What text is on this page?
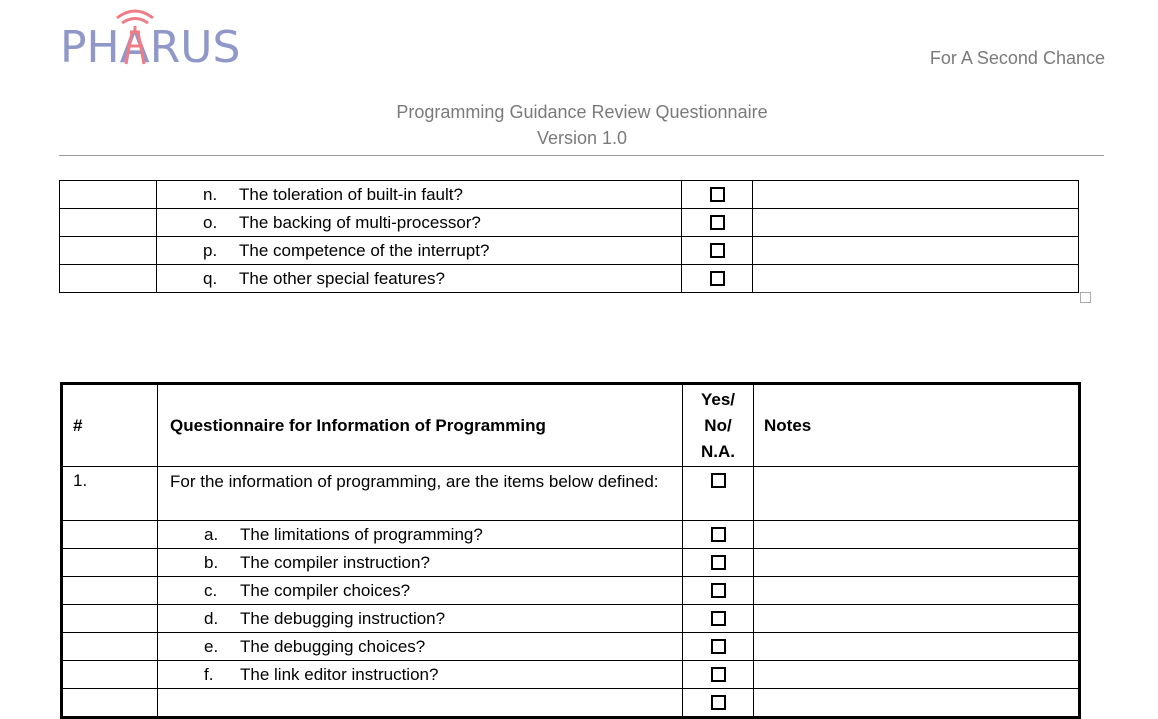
PHARUS	For A Second Chance
Programming Guidance Review Questionnaire
Version 1.0
	n. The toleration of built-in fault?	

	o. The backing of multi-processor?	

	p. The competence of the interrupt?	

	q. The other special features?	

#	Questionnaire for Information of Programming	Yes/
No/
N.A.	Notes
1.	For the information of programming, are the items below defined:	

	a. The limitations of programming?	

	b. The compiler instruction?	

	c. The compiler choices?	

	d. The debugging instruction?	

	e. The debugging choices?	

	f. The link editor instruction?	
